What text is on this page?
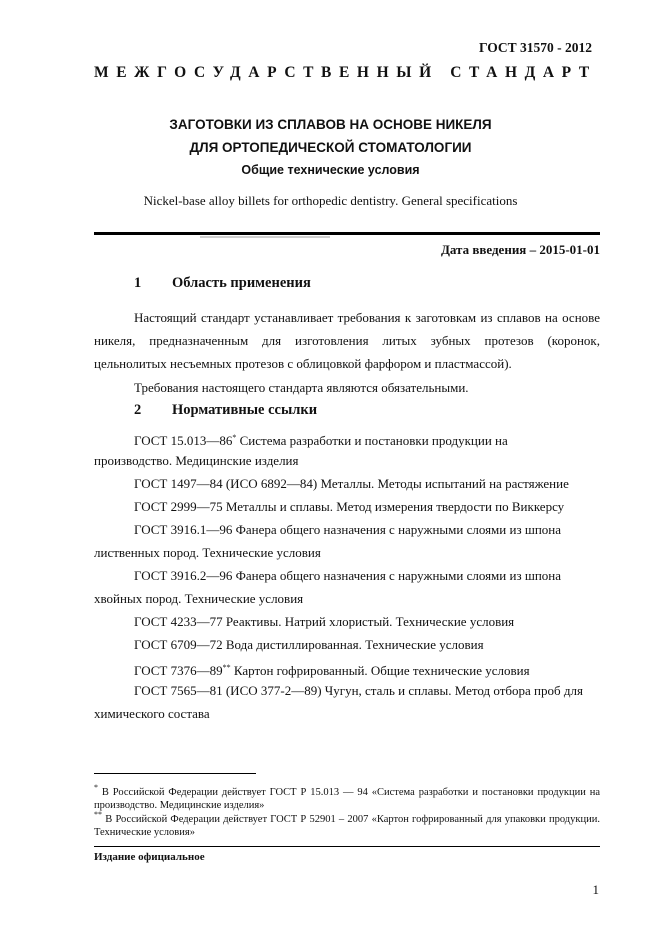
ГОСТ 31570 - 2012
МЕЖГОСУДАРСТВЕННЫЙ СТАНДАРТ
ЗАГОТОВКИ ИЗ СПЛАВОВ НА ОСНОВЕ НИКЕЛЯ
ДЛЯ ОРТОПЕДИЧЕСКОЙ СТОМАТОЛОГИИ
Общие технические условия
Nickel-base alloy billets for orthopedic dentistry. General specifications
Дата введения – 2015-01-01
1 Область применения
Настоящий стандарт устанавливает требования к заготовкам из сплавов на основе никеля, предназначенным для изготовления литых зубных протезов (коронок, цельнолитых несъемных протезов с облицовкой фарфором и пластмассой).
Требования настоящего стандарта являются обязательными.
2 Нормативные ссылки
ГОСТ 15.013—86* Система разработки и постановки продукции на
производство. Медицинские изделия
ГОСТ 1497—84 (ИСО 6892—84) Металлы. Методы испытаний на растяжение
ГОСТ 2999—75 Металлы и сплавы. Метод измерения твердости по Виккерсу
ГОСТ 3916.1—96 Фанера общего назначения с наружными слоями из шпона
лиственных пород. Технические условия
ГОСТ 3916.2—96 Фанера общего назначения с наружными слоями из шпона
хвойных пород. Технические условия
ГОСТ 4233—77 Реактивы. Натрий хлористый. Технические условия
ГОСТ 6709—72 Вода дистиллированная. Технические условия
ГОСТ 7376—89** Картон гофрированный. Общие технические условия
ГОСТ 7565—81 (ИСО 377-2—89) Чугун, сталь и сплавы. Метод отбора проб для
химического состава
* В Российской Федерации действует ГОСТ Р 15.013 — 94 «Система разработки и постановки продукции на производство. Медицинские изделия»
** В Российской Федерации действует ГОСТ Р 52901 – 2007 «Картон гофрированный для упаковки продукции. Технические условия»
Издание официальное
1
